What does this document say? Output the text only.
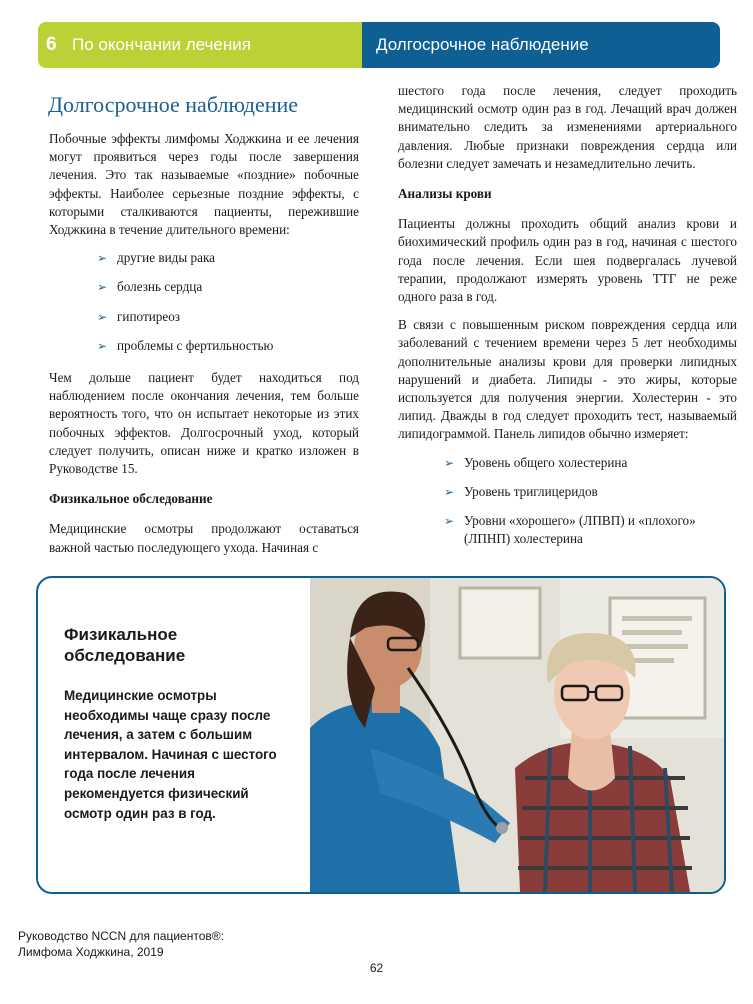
6 По окончании лечения	Долгосрочное наблюдение
Долгосрочное наблюдение

Побочные эффекты лимфомы Ходжкина и ее лечения могут проявиться через годы после завершения лечения. Это так называемые «поздние» побочные эффекты. Наиболее серьезные поздние эффекты, с которыми сталкиваются пациенты, пережившие Ходжкина в течение длительного времени:

➢ другие виды рака
➢ болезнь сердца
➢ гипотиреоз
➢ проблемы с фертильностью

Чем дольше пациент будет находиться под наблюдением после окончания лечения, тем больше вероятность того, что он испытает некоторые из этих побочных эффектов. Долгосрочный уход, который следует получить, описан ниже и кратко изложен в Руководстве 15.

Физикальное обследование

Медицинские осмотры продолжают оставаться важной частью последующего ухода. Начиная с

шестого года после лечения, следует проходить медицинский осмотр один раз в год. Лечащий врач должен внимательно следить за изменениями артериального давления. Любые признаки повреждения сердца или болезни следует замечать и незамедлительно лечить.

Анализы крови

Пациенты должны проходить общий анализ крови и биохимический профиль один раз в год, начиная с шестого года после лечения. Если шея подвергалась лучевой терапии, продолжают измерять уровень ТТГ не реже одного раза в год.

В связи с повышенным риском повреждения сердца или заболеваний с течением времени через 5 лет необходимы дополнительные анализы крови для проверки липидных нарушений и диабета. Липиды - это жиры, которые используется для получения энергии. Холестерин - это липид. Дважды в год следует проходить тест, называемый липидограммой. Панель липидов обычно измеряет:

➢ Уровень общего холестерина
➢ Уровень триглицеридов
➢ Уровни «хорошего» (ЛПВП) и «плохого» (ЛПНП) холестерина
Физикальное обследование
Медицинские осмотры необходимы чаще сразу после лечения, а затем с большим интервалом. Начиная с шестого года после лечения рекомендуется физический осмотр один раз в год.
Руководство NCCN для пациентов®:
Лимфома Ходжкина, 2019
62
